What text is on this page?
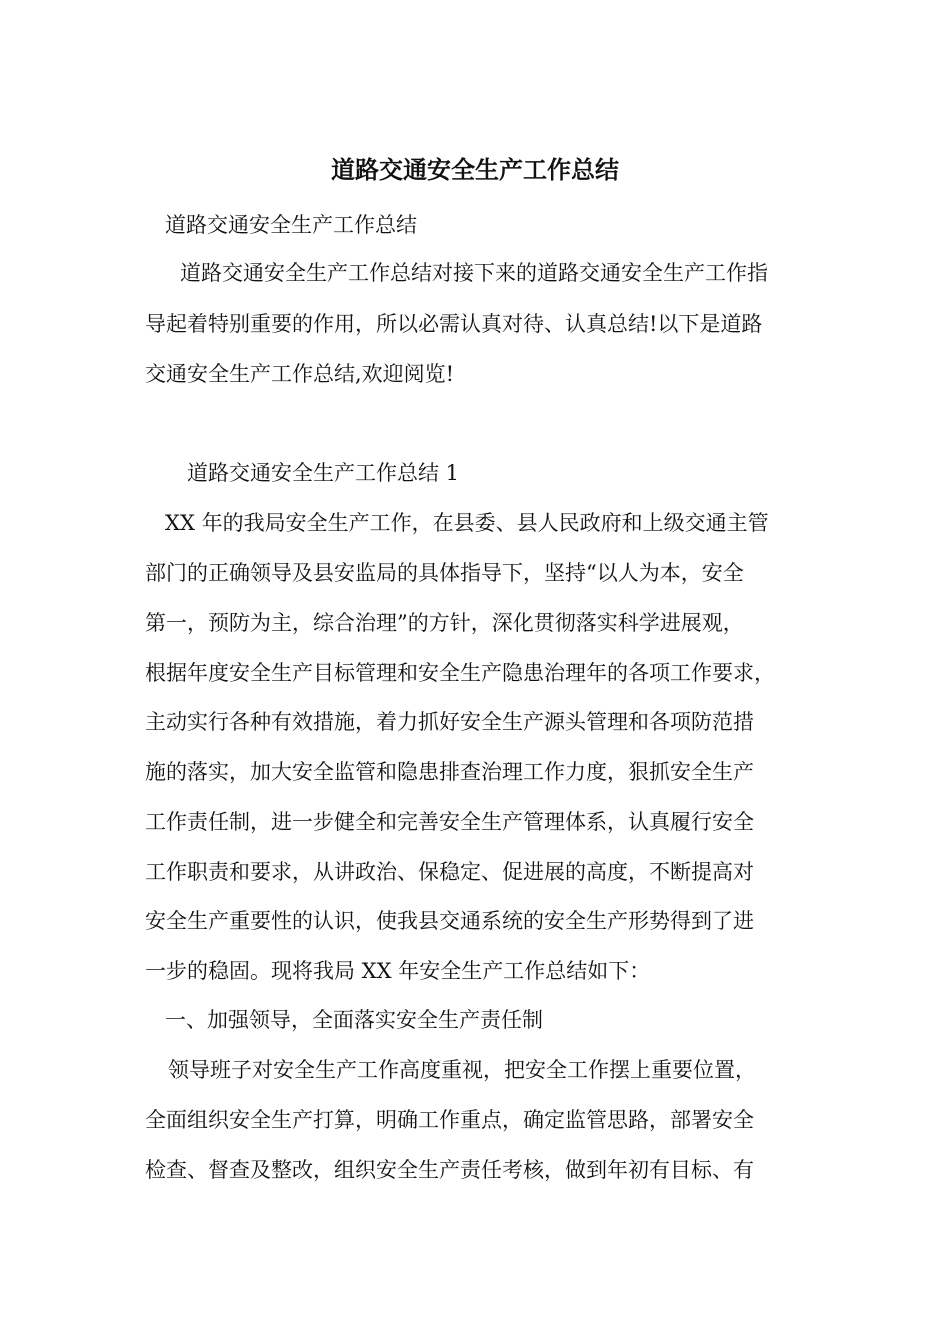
道路交通安全生产工作总结
道路交通安全生产工作总结
道路交通安全生产工作总结对接下来的道路交通安全生产工作指
导起着特别重要的作用，所以必需认真对待、认真总结!以下是道路
交通安全生产工作总结,欢迎阅览!
道路交通安全生产工作总结 1
XX 年的我局安全生产工作，在县委、县人民政府和上级交通主管
部门的正确领导及县安监局的具体指导下，坚持“以人为本，安全
第一，预防为主，综合治理”的方针，深化贯彻落实科学进展观，
根据年度安全生产目标管理和安全生产隐患治理年的各项工作要求，
主动实行各种有效措施，着力抓好安全生产源头管理和各项防范措
施的落实，加大安全监管和隐患排查治理工作力度，狠抓安全生产
工作责任制，进一步健全和完善安全生产管理体系，认真履行安全
工作职责和要求，从讲政治、保稳定、促进展的高度，不断提高对
安全生产重要性的认识，使我县交通系统的安全生产形势得到了进
一步的稳固。现将我局 XX 年安全生产工作总结如下：
一、加强领导，全面落实安全生产责任制
领导班子对安全生产工作高度重视，把安全工作摆上重要位置，
全面组织安全生产打算，明确工作重点，确定监管思路，部署安全
检查、督查及整改，组织安全生产责任考核，做到年初有目标、有
